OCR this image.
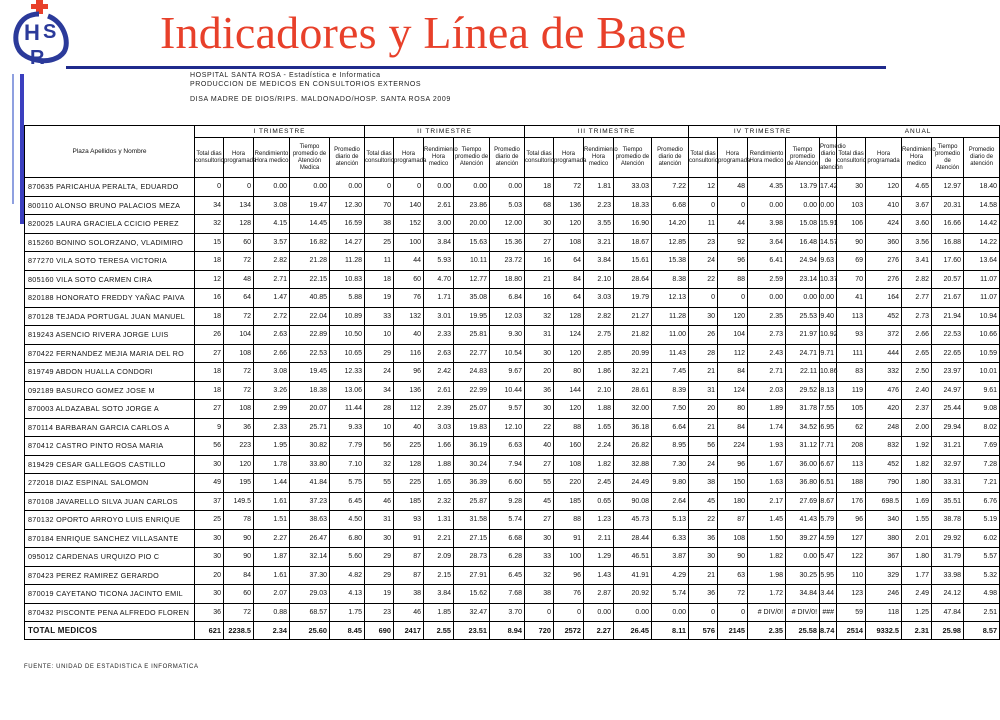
H S
R	Indicadores y Línea de Base
HOSPITAL SANTA ROSA - Estadística e Informatica
PRODUCCION DE MEDICOS EN CONSULTORIOS EXTERNOS
DISA MADRE DE DIOS/RIPS. MALDONADO/HOSP. SANTA ROSA 2009
Plaza Apellidos y Nombre	I TRIMESTRE					II TRIMESTRE					III TRIMESTRE					IV TRIMESTRE					ANUAL				
	Total dias consultorio	Hora programada	Rendimiento Hora medico	Tiempo promedio de Atención Medica	Promedio diario de atención	Total dias consultorio	Hora programada	Rendimiento Hora medico	Tiempo promedio de Atención	Promedio diario de atención	Total dias consultorio	Hora programada	Rendimiento Hora medico	Tiempo promedio de Atención	Promedio diario de atención	Total dias consultorio	Hora programada	Rendimiento Hora medico	Tiempo promedio de Atención	Promedio diario de atención	Total dias consultorio	Hora programada	Rendimiento Hora medico	Tiempo promedio de Atención	Promedio diario de atención
870635 PARICAHUA PERALTA, EDUARDO	0	0	0.00	0.00	0.00	0	0	0.00	0.00	0.00	18	72	1.81	33.03	7.22	12	48	4.35	13.79	17.42	30	120	4.65	12.97	18.40
800110 ALONSO BRUNO PALACIOS MEZA	34	134	3.08	19.47	12.30	70	140	2.61	23.86	5.03	68	136	2.23	18.33	6.68	0	0	0.00	0.00	0.00	103	410	3.67	20.31	14.58
820025 LAURA GRACIELA CCICIO PEREZ	32	128	4.15	14.45	16.59	38	152	3.00	20.00	12.00	30	120	3.55	16.90	14.20	11	44	3.98	15.08	15.91	106	424	3.60	16.66	14.42
815260 BONINO SOLORZANO, VLADIMIRO	15	60	3.57	16.82	14.27	25	100	3.84	15.63	15.36	27	108	3.21	18.67	12.85	23	92	3.64	16.48	14.57	90	360	3.56	16.88	14.22
877270 VILA SOTO TERESA VICTORIA	18	72	2.82	21.28	11.28	11	44	5.93	10.11	23.72	16	64	3.84	15.61	15.38	24	96	6.41	24.94	9.63	69	276	3.41	17.60	13.64
805160 VILA SOTO CARMEN CIRA	12	48	2.71	22.15	10.83	18	60	4.70	12.77	18.80	21	84	2.10	28.64	8.38	22	88	2.59	23.14	10.37	70	276	2.82	20.57	11.07
820188 HONORATO FREDDY YAÑAC PAIVA	16	64	1.47	40.85	5.88	19	76	1.71	35.08	6.84	16	64	3.03	19.79	12.13	0	0	0.00	0.00	0.00	41	164	2.77	21.67	11.07
870128 TEJADA PORTUGAL JUAN MANUEL	18	72	2.72	22.04	10.89	33	132	3.01	19.95	12.03	32	128	2.82	21.27	11.28	30	120	2.35	25.53	9.40	113	452	2.73	21.94	10.94
819243 ASENCIO RIVERA JORGE LUIS	26	104	2.63	22.89	10.50	10	40	2.33	25.81	9.30	31	124	2.75	21.82	11.00	26	104	2.73	21.97	10.92	93	372	2.66	22.53	10.66
870422 FERNANDEZ MEJIA MARIA DEL RO	27	108	2.66	22.53	10.65	29	116	2.63	22.77	10.54	30	120	2.85	20.99	11.43	28	112	2.43	24.71	9.71	111	444	2.65	22.65	10.59
819749 ABDON HUALLA CONDORI	18	72	3.08	19.45	12.33	24	96	2.42	24.83	9.67	20	80	1.86	32.21	7.45	21	84	2.71	22.11	10.86	83	332	2.50	23.97	10.01
092189 BASURCO GOMEZ JOSE M	18	72	3.26	18.38	13.06	34	136	2.61	22.99	10.44	36	144	2.10	28.61	8.39	31	124	2.03	29.52	8.13	119	476	2.40	24.97	9.61
870003 ALDAZABAL SOTO JORGE A	27	108	2.99	20.07	11.44	28	112	2.39	25.07	9.57	30	120	1.88	32.00	7.50	20	80	1.89	31.78	7.55	105	420	2.37	25.44	9.08
870114 BARBARAN GARCIA CARLOS A	9	36	2.33	25.71	9.33	10	40	3.03	19.83	12.10	22	88	1.65	36.18	6.64	21	84	1.74	34.52	6.95	62	248	2.00	29.94	8.02
870412 CASTRO PINTO ROSA MARIA	56	223	1.95	30.82	7.79	56	225	1.66	36.19	6.63	40	160	2.24	26.82	8.95	56	224	1.93	31.12	7.71	208	832	1.92	31.21	7.69
819429 CESAR GALLEGOS CASTILLO	30	120	1.78	33.80	7.10	32	128	1.88	30.24	7.94	27	108	1.82	32.88	7.30	24	96	1.67	36.00	6.67	113	452	1.82	32.97	7.28
272018 DIAZ ESPINAL SALOMON	49	195	1.44	41.84	5.75	55	225	1.65	36.39	6.60	55	220	2.45	24.49	9.80	38	150	1.63	36.80	6.51	188	790	1.80	33.31	7.21
870108 JAVARELLO SILVA JUAN CARLOS	37	149.5	1.61	37.23	6.45	46	185	2.32	25.87	9.28	45	185	0.65	90.08	2.64	45	180	2.17	27.69	8.67	176	698.5	1.69	35.51	6.76
870132 OPORTO ARROYO LUIS ENRIQUE	25	78	1.51	38.63	4.50	31	93	1.31	31.58	5.74	27	88	1.23	45.73	5.13	22	87	1.45	41.43	5.79	96	340	1.55	38.78	5.19
870184 ENRIQUE SANCHEZ VILLASANTE	30	90	2.27	26.47	6.80	30	91	2.21	27.15	6.68	30	91	2.11	28.44	6.33	36	108	1.50	39.27	4.59	127	380	2.01	29.92	6.02
095012 CARDENAS URQUIZO PIO C	30	90	1.87	32.14	5.60	29	87	2.09	28.73	6.28	33	100	1.29	46.51	3.87	30	90	1.82	0.00	5.47	122	367	1.80	31.79	5.57
870423 PEREZ RAMIREZ GERARDO	20	84	1.61	37.30	4.82	29	87	2.15	27.91	6.45	32	96	1.43	41.91	4.29	21	63	1.98	30.25	5.95	110	329	1.77	33.98	5.32
870019 CAYETANO TICONA JACINTO EMIL	30	60	2.07	29.03	4.13	19	38	3.84	15.62	7.68	38	76	2.87	20.92	5.74	36	72	1.72	34.84	3.44	123	246	2.49	24.12	4.98
870432 PISCONTE PENA ALFREDO FLOREN	36	72	0.88	68.57	1.75	23	46	1.85	32.47	3.70	0	0	0.00	0.00	0.00	0	0	# DIV/0!	# DIV/0!	###	59	118	1.25	47.84	2.51
TOTAL MEDICOS	621	2238.5	2.34	25.60	8.45	690	2417	2.55	23.51	8.94	720	2572	2.27	26.45	8.11	576	2145	2.35	25.58	8.74	2514	9332.5	2.31	25.98	8.57
FUENTE: UNIDAD DE ESTADISTICA E INFORMATICA
